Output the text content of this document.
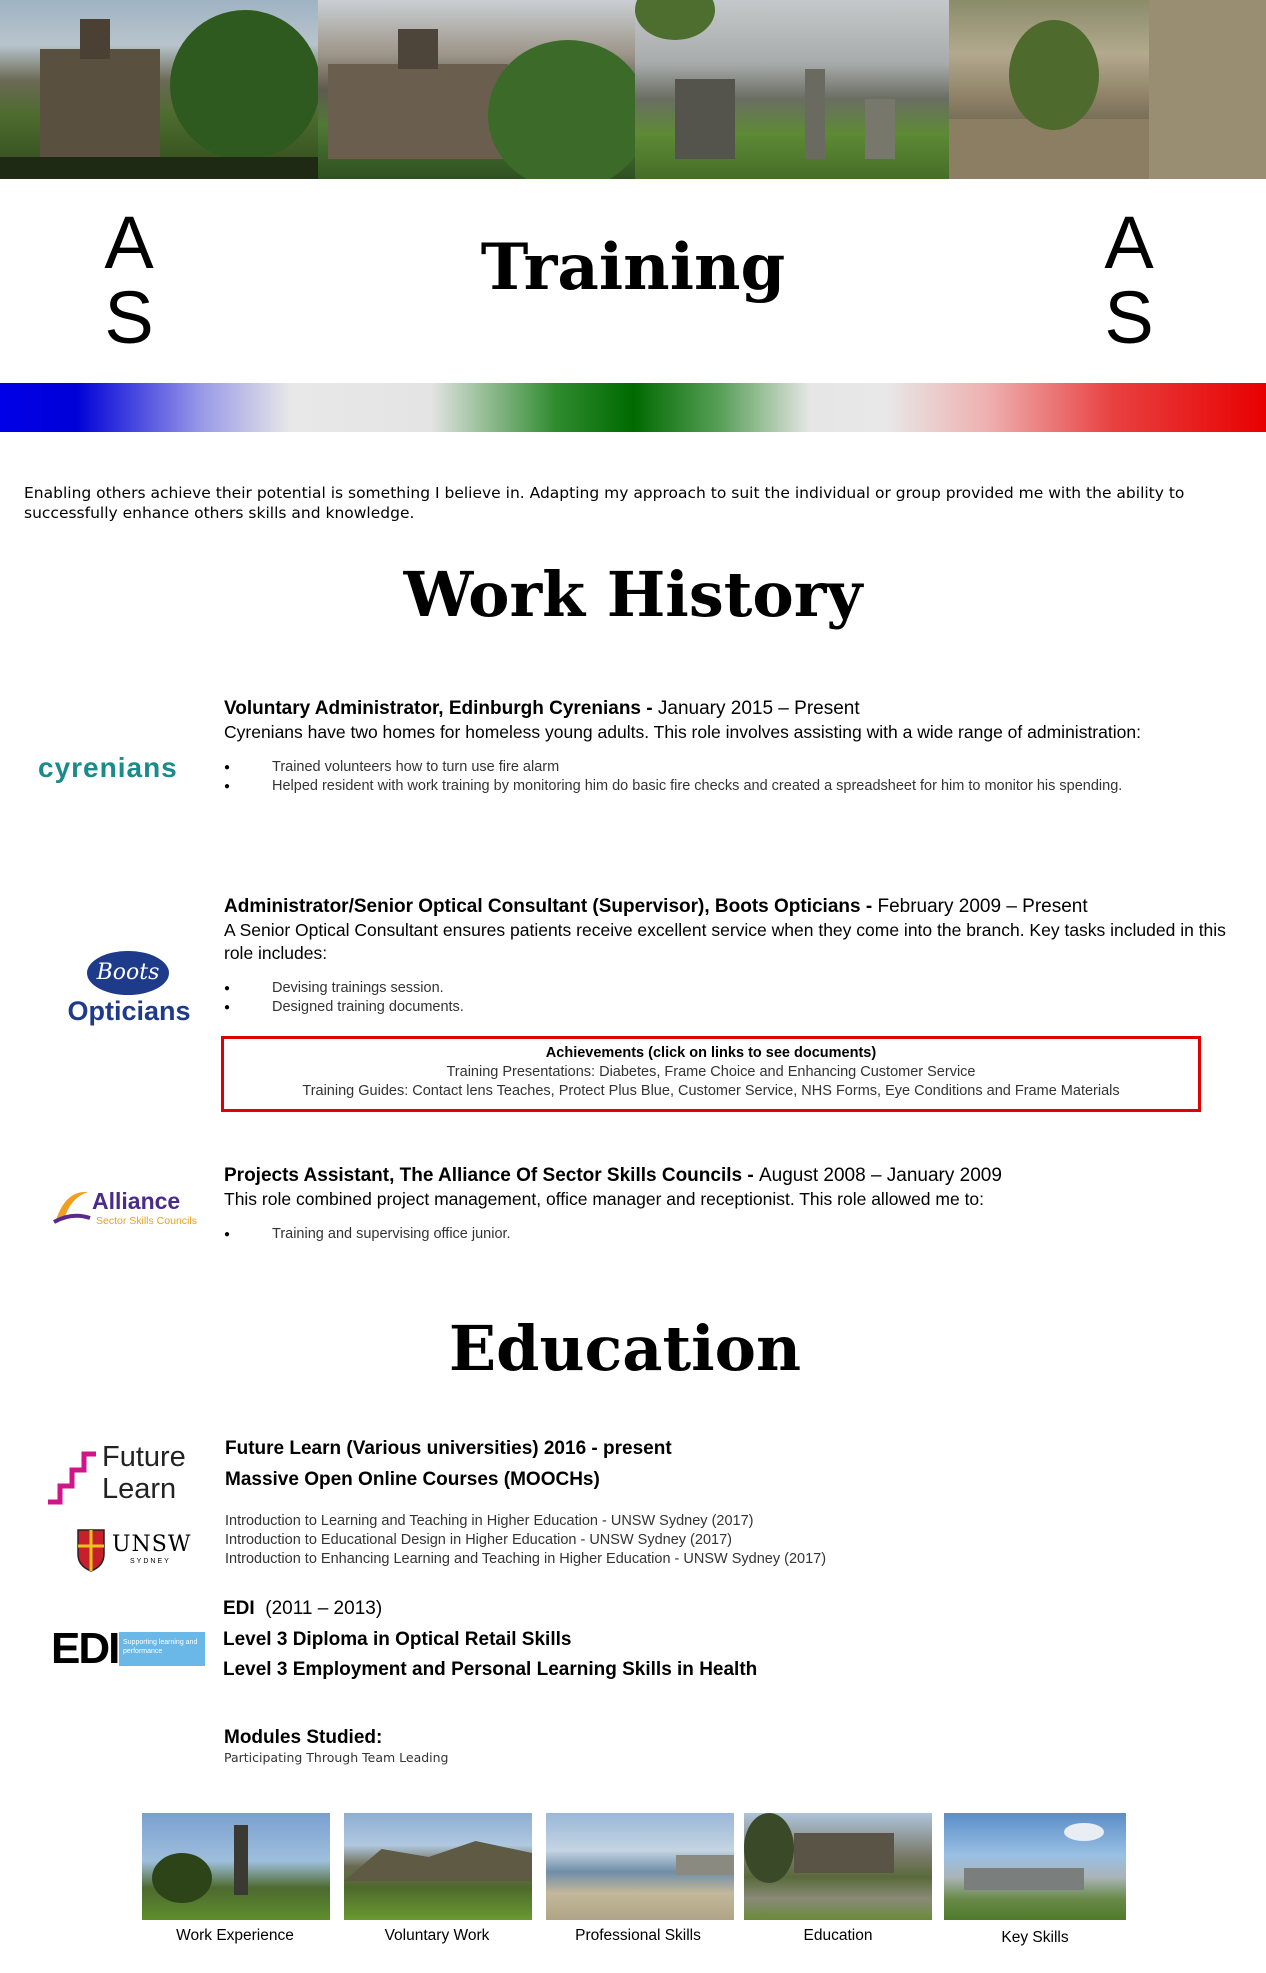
A
S
A
S
Training
Enabling others achieve their potential is something I believe in. Adapting my approach to suit the individual or group provided me with the ability to successfully enhance others skills and knowledge.
Work History
cyrenians
Voluntary Administrator, Edinburgh Cyrenians - January 2015 – Present
Cyrenians have two homes for homeless young adults. This role involves assisting with a wide range of administration:
● Trained volunteers how to turn use fire alarm
● Helped resident with work training by monitoring him do basic fire checks and created a spreadsheet for him to monitor his spending.
Boots
Opticians
Administrator/Senior Optical Consultant (Supervisor), Boots Opticians - February 2009 – Present
A Senior Optical Consultant ensures patients receive excellent service when they come into the branch. Key tasks included in this role includes:
● Devising trainings session.
● Designed training documents.
Achievements (click on links to see documents)
Training Presentations: Diabetes, Frame Choice and Enhancing Customer Service
Training Guides: Contact lens Teaches, Protect Plus Blue, Customer Service, NHS Forms, Eye Conditions and Frame Materials
Alliance
Sector Skills Councils
Projects Assistant, The Alliance Of Sector Skills Councils - August 2008 – January 2009
This role combined project management, office manager and receptionist. This role allowed me to:
● Training and supervising office junior.
Education
Future
Learn
UNSW
SYDNEY
Future Learn (Various universities) 2016 - present
Massive Open Online Courses (MOOCHs)
Introduction to Learning and Teaching in Higher Education - UNSW Sydney (2017)
Introduction to Educational Design in Higher Education - UNSW Sydney (2017)
Introduction to Enhancing Learning and Teaching in Higher Education - UNSW Sydney (2017)
EDI Supporting learning and performance
EDI (2011 – 2013)
Level 3 Diploma in Optical Retail Skills
Level 3 Employment and Personal Learning Skills in Health
Modules Studied:
Participating Through Team Leading
Work Experience	Voluntary Work	Professional Skills	Education	Key Skills
